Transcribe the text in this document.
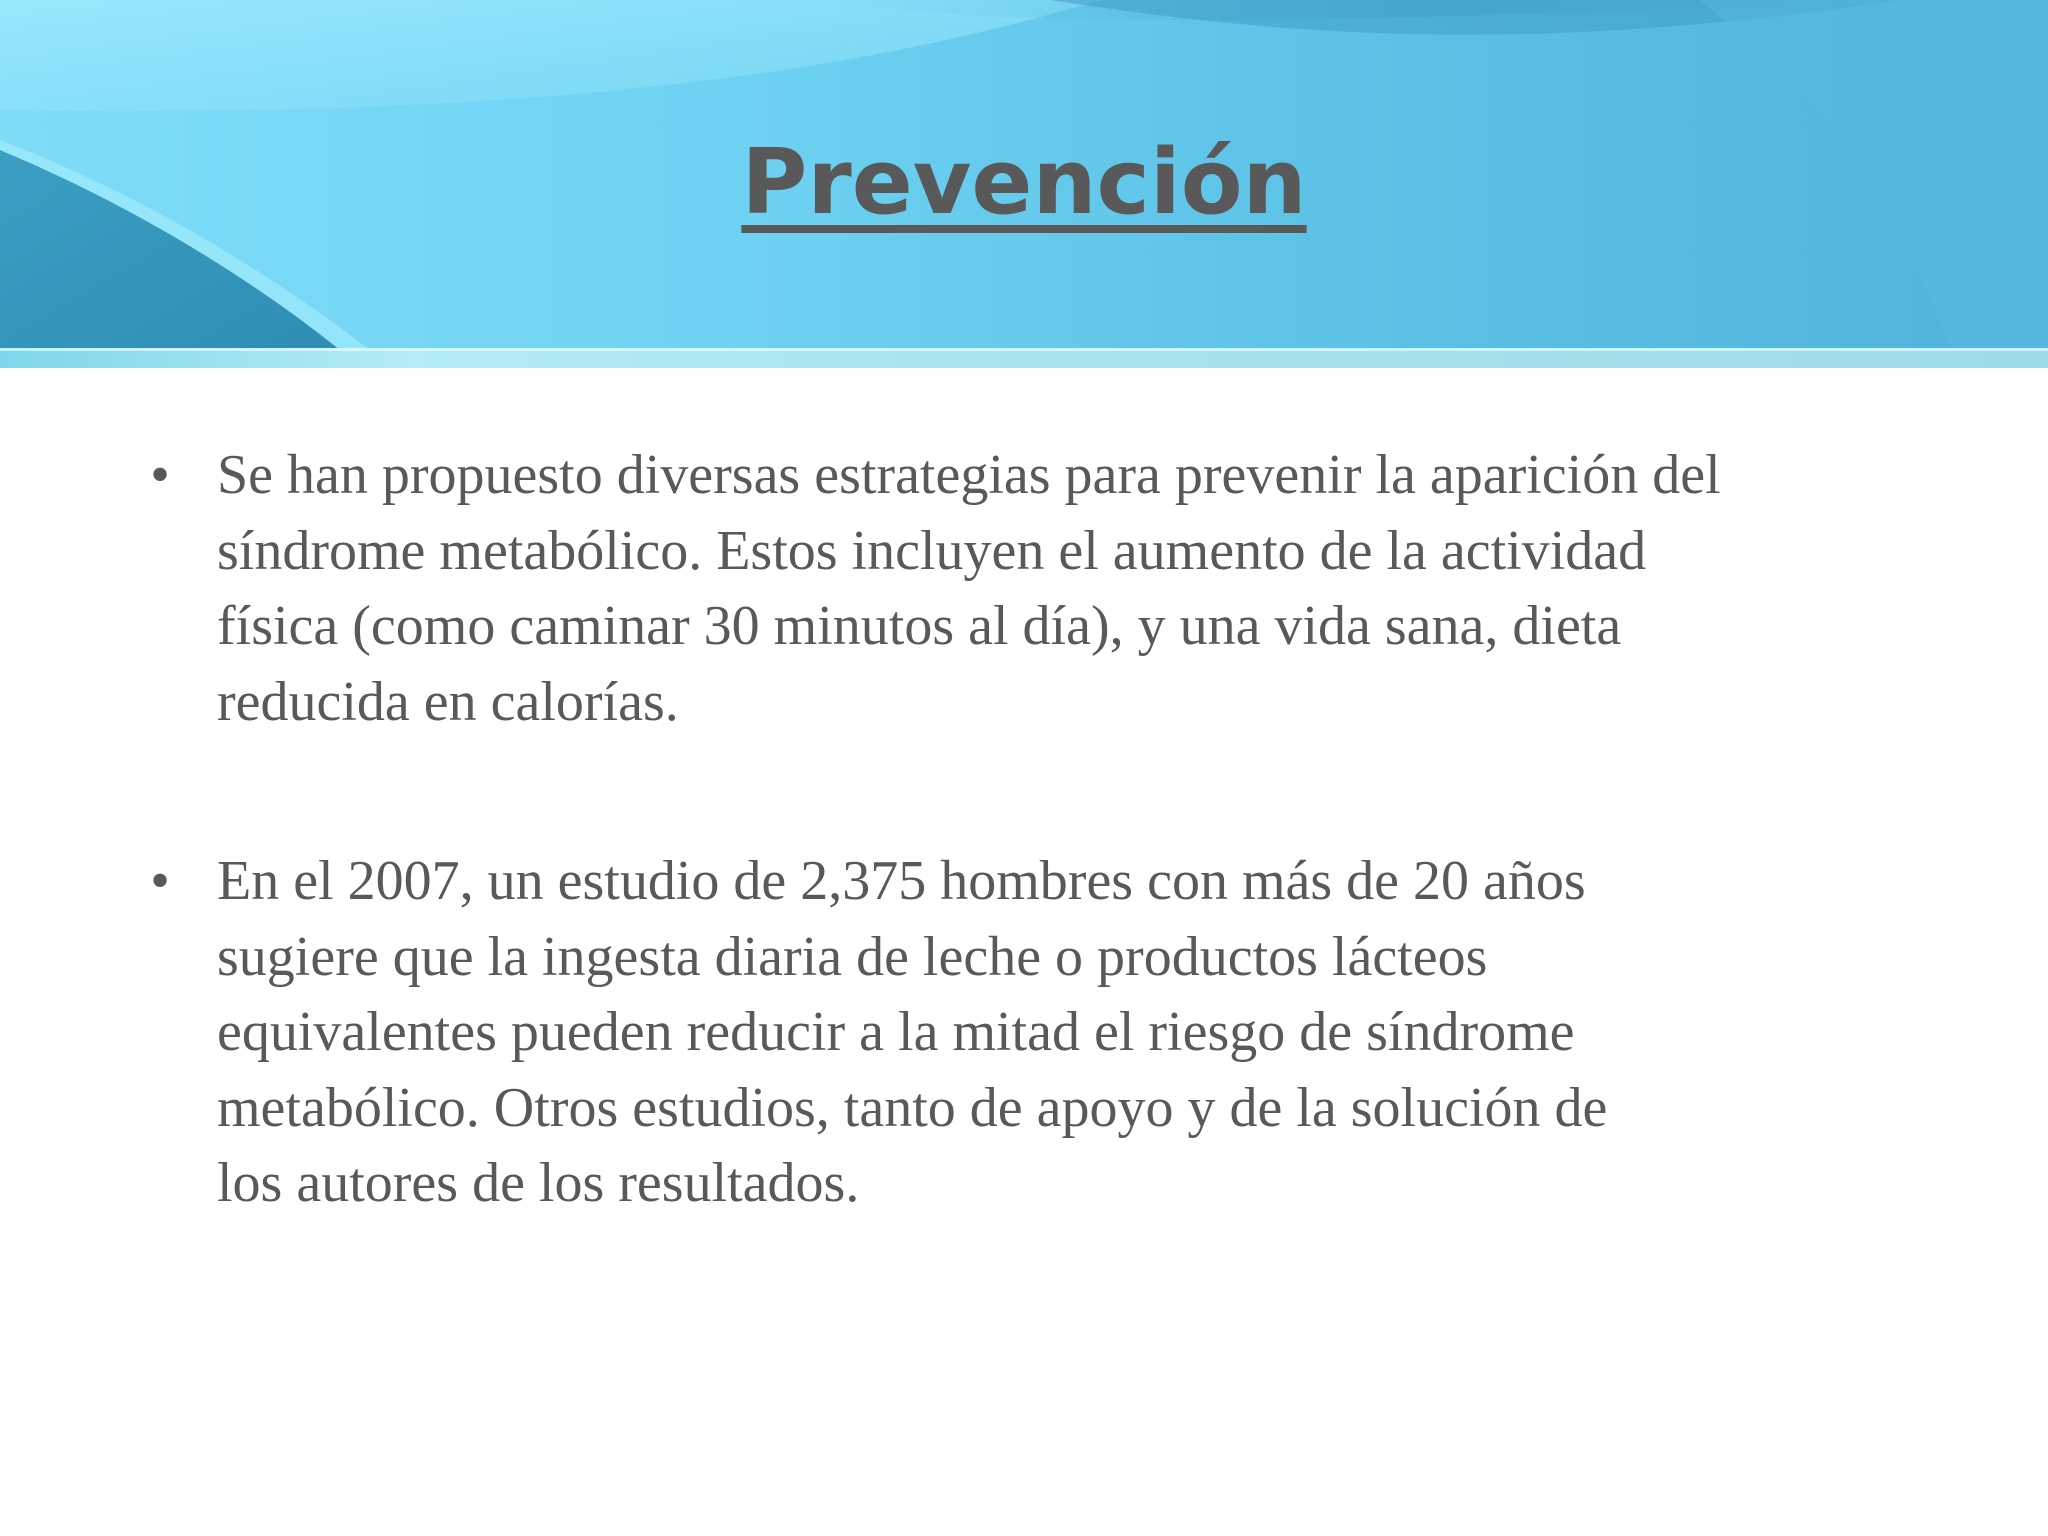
Prevención
• Se han propuesto diversas estrategias para prevenir la aparición del
síndrome metabólico. Estos incluyen el aumento de la actividad
física (como caminar 30 minutos al día), y una vida sana, dieta
reducida en calorías.
• En el 2007, un estudio de 2,375 hombres con más de 20 años
sugiere que la ingesta diaria de leche o productos lácteos
equivalentes pueden reducir a la mitad el riesgo de síndrome
metabólico. Otros estudios, tanto de apoyo y de la solución de
los autores de los resultados.
